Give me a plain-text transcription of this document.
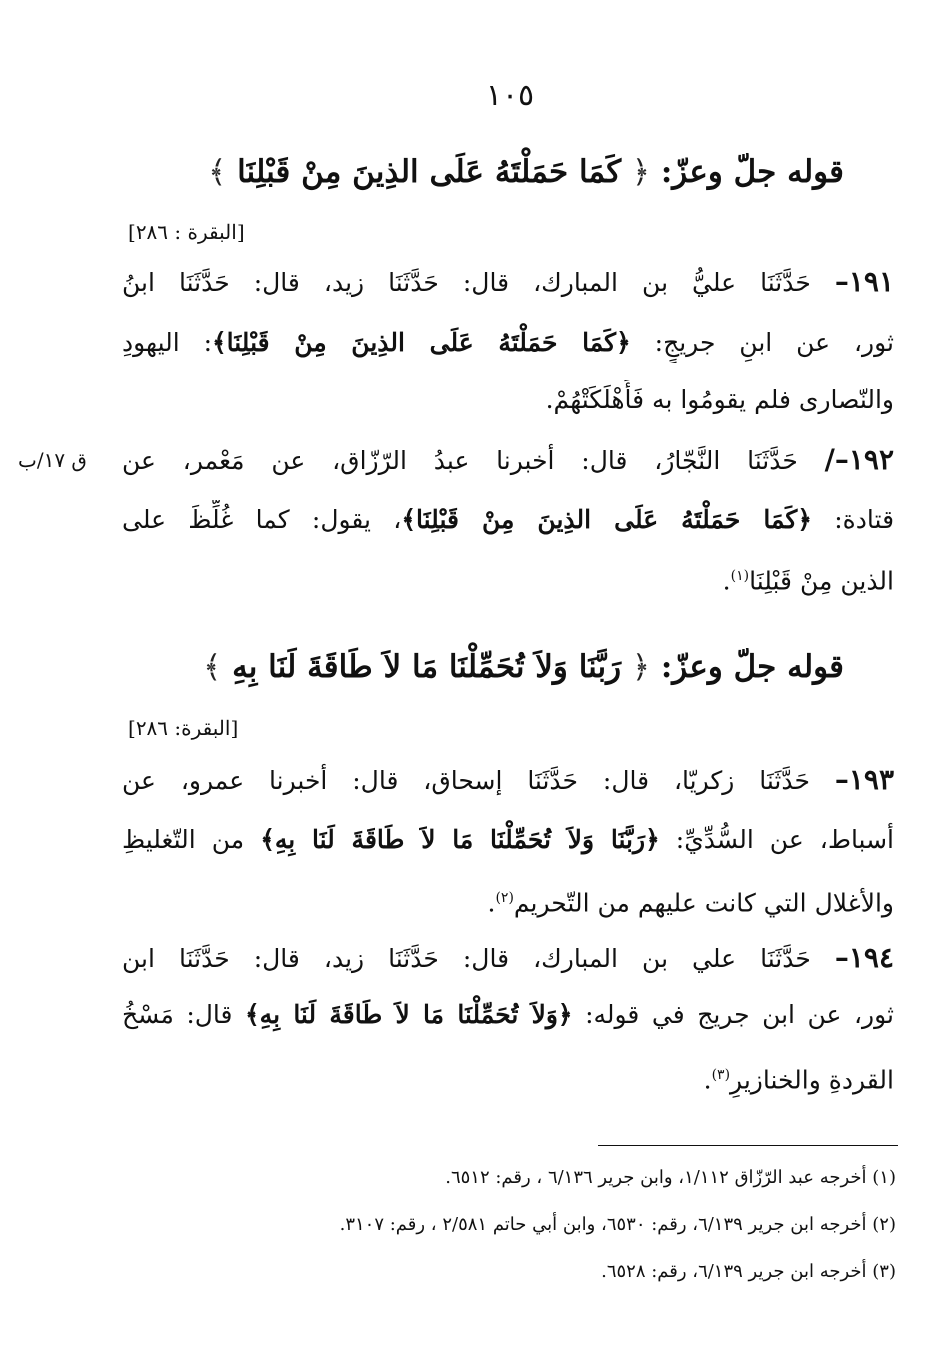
١٠٥
قوله جلّ وعزّ: ﴿ كَمَا حَمَلْتَهُ عَلَى الذِينَ مِنْ قَبْلِنَا ﴾
[البقرة : ٢٨٦]
١٩١– حَدَّثَنَا عليُّ بن المبارك، قال: حَدَّثَنَا زيد، قال: حَدَّثَنَا ابنُ
ثور، عن ابنِ جريجٍ: ﴿كَمَا حَمَلْتَهُ عَلَى الذِينَ مِنْ قَبْلِنَا﴾: اليهودِ
والنّصارى فلم يقومُوا به فَأَهْلَكَتْهُمْ.
ق ١٧/ب	١٩٢–/ حَدَّثَنَا النَّجّارُ، قال: أخبرنا عبدُ الرّزّاق، عن مَعْمر، عن
قتادة: ﴿كَمَا حَمَلْتَهُ عَلَى الذِينَ مِنْ قَبْلِنَا﴾، يقول: كما غُلِّظَ على
الذين مِنْ قَبْلِنَا$^{(١)}$.
قوله جلّ وعزّ: ﴿ رَبَّنَا وَلاَ تُحَمِّلْنَا مَا لاَ طَاقَةَ لَنَا بِهِ ﴾
[البقرة: ٢٨٦]
١٩٣– حَدَّثَنَا زكريّا، قال: حَدَّثَنَا إسحاق، قال: أخبرنا عمرو، عن
أسباط، عن السُّدِّيِّ: ﴿رَبَّنَا وَلاَ تُحَمِّلْنَا مَا لاَ طَاقَةَ لَنَا بِهِ﴾ من التّغليظِ
والأغلال التي كانت عليهم من التّحريم$^{(٢)}$.
١٩٤– حَدَّثَنَا علي بن المبارك، قال: حَدَّثَنَا زيد، قال: حَدَّثَنَا ابن
ثور، عن ابن جريج في قوله: ﴿وَلاَ تُحَمِّلْنَا مَا لاَ طَاقَةَ لَنَا بِهِ﴾ قال: مَسْخُ
القردةِ والخنازيرِ$^{(٣)}$.
(١) أخرجه عبد الرّزّاق ١/١١٢، وابن جرير ٦/١٣٦ ، رقم: ٦٥١٢.
(٢) أخرجه ابن جرير ٦/١٣٩، رقم: ٦٥٣٠، وابن أبي حاتم ٢/٥٨١ ، رقم: ٣١٠٧.
(٣) أخرجه ابن جرير ٦/١٣٩، رقم: ٦٥٢٨.
